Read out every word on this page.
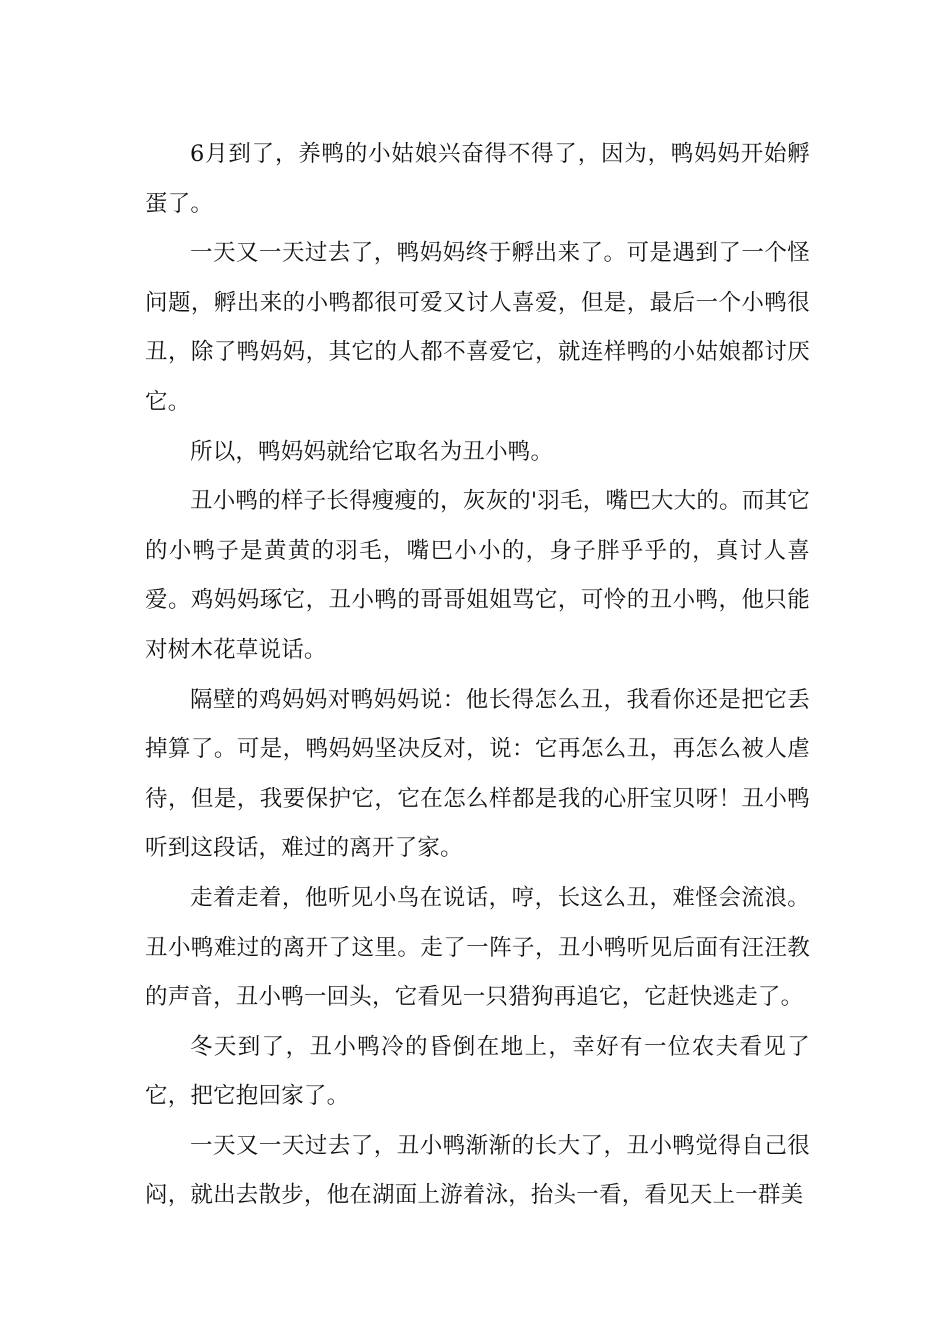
6月到了，养鸭的小姑娘兴奋得不得了，因为，鸭妈妈开始孵蛋了。

一天又一天过去了，鸭妈妈终于孵出来了。可是遇到了一个怪问题，孵出来的小鸭都很可爱又讨人喜爱，但是，最后一个小鸭很丑，除了鸭妈妈，其它的人都不喜爱它，就连样鸭的小姑娘都讨厌它。

所以，鸭妈妈就给它取名为丑小鸭。

丑小鸭的样子长得瘦瘦的，灰灰的'羽毛，嘴巴大大的。而其它的小鸭子是黄黄的羽毛，嘴巴小小的，身子胖乎乎的，真讨人喜爱。鸡妈妈琢它，丑小鸭的哥哥姐姐骂它，可怜的丑小鸭，他只能对树木花草说话。

隔壁的鸡妈妈对鸭妈妈说：他长得怎么丑，我看你还是把它丢掉算了。可是，鸭妈妈坚决反对，说：它再怎么丑，再怎么被人虐待，但是，我要保护它，它在怎么样都是我的心肝宝贝呀！丑小鸭听到这段话，难过的离开了家。

走着走着，他听见小鸟在说话，哼，长这么丑，难怪会流浪。丑小鸭难过的离开了这里。走了一阵子，丑小鸭听见后面有汪汪教的声音，丑小鸭一回头，它看见一只猎狗再追它，它赶快逃走了。

冬天到了，丑小鸭冷的昏倒在地上，幸好有一位农夫看见了它，把它抱回家了。

一天又一天过去了，丑小鸭渐渐的长大了，丑小鸭觉得自己很闷，就出去散步，他在湖面上游着泳，抬头一看，看见天上一群美
